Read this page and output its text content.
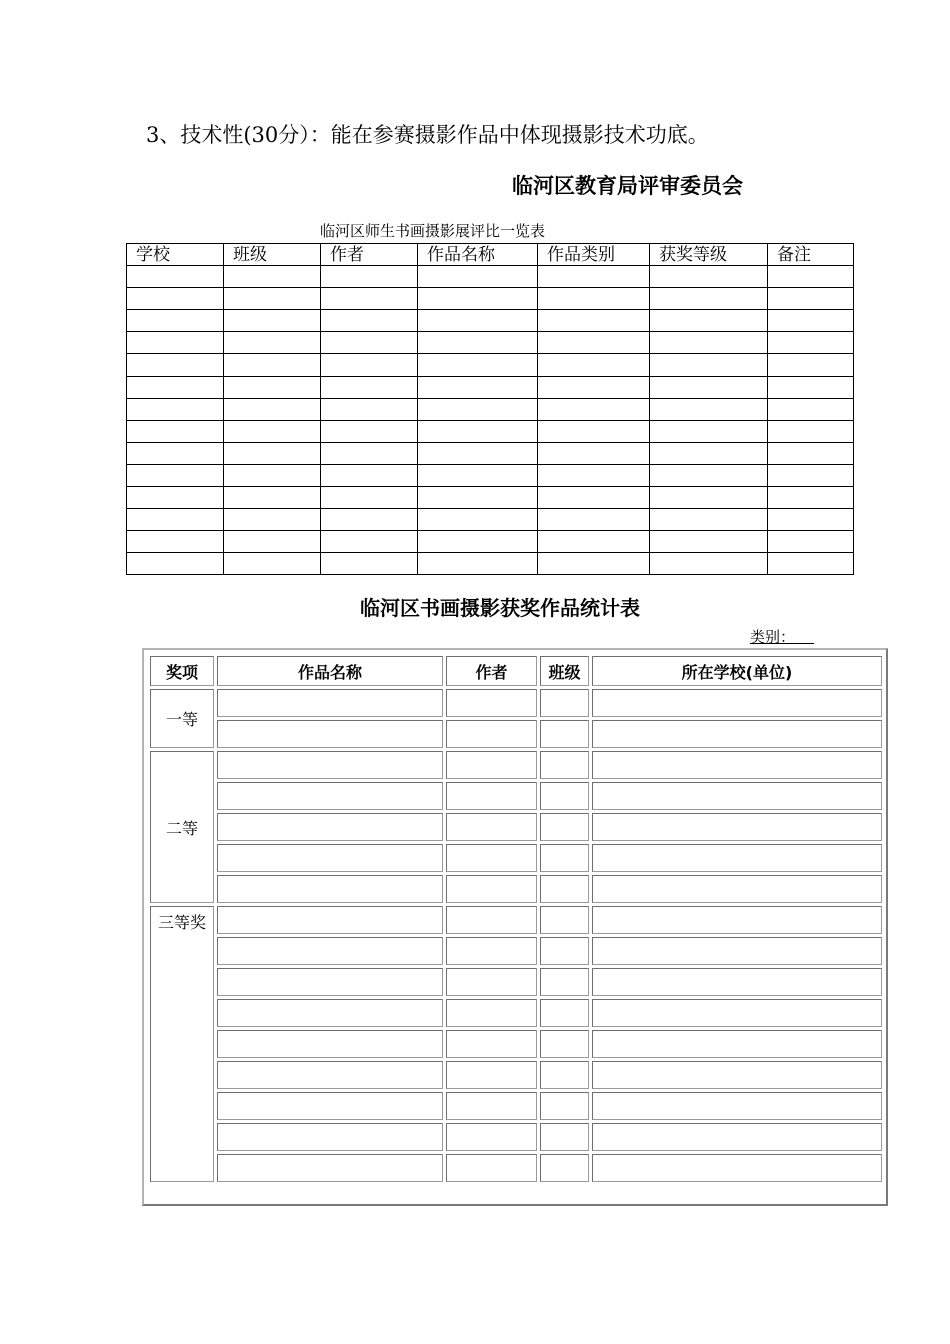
3、技术性(30分）：能在参赛摄影作品中体现摄影技术功底。
临河区教育局评审委员会
临河区师生书画摄影展评比一览表
学校	班级	作者	作品名称	作品类别	获奖等级	备注

临河区书画摄影获奖作品统计表
类别：
奖项	作品名称	作者	班级	所在学校(单位)
一等				

二等				

三等奖				
